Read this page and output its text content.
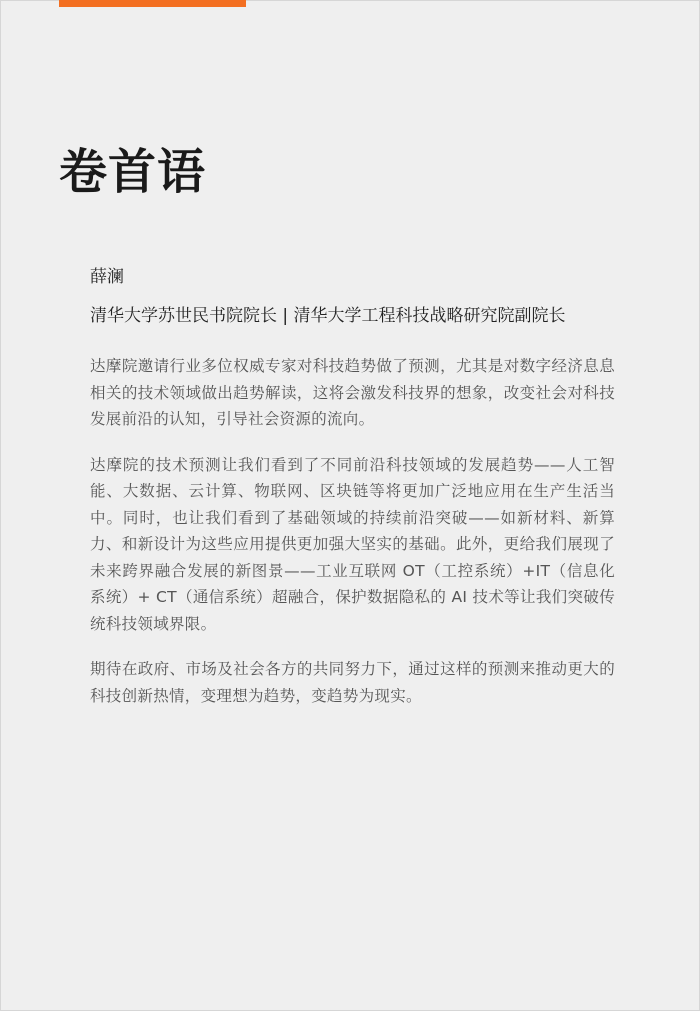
卷首语
薛澜
清华大学苏世民书院院长 | 清华大学工程科技战略研究院副院长

达摩院邀请行业多位权威专家对科技趋势做了预测，尤其是对数字经济息息相关的技术领域做出趋势解读，这将会激发科技界的想象，改变社会对科技发展前沿的认知，引导社会资源的流向。

达摩院的技术预测让我们看到了不同前沿科技领域的发展趋势——人工智能、大数据、云计算、物联网、区块链等将更加广泛地应用在生产生活当中。同时，也让我们看到了基础领域的持续前沿突破——如新材料、新算力、和新设计为这些应用提供更加强大坚实的基础。此外，更给我们展现了未来跨界融合发展的新图景——工业互联网 OT（工控系统）+IT（信息化系统）+ CT（通信系统）超融合，保护数据隐私的 AI 技术等让我们突破传统科技领域界限。

期待在政府、市场及社会各方的共同努力下，通过这样的预测来推动更大的科技创新热情，变理想为趋势，变趋势为现实。
